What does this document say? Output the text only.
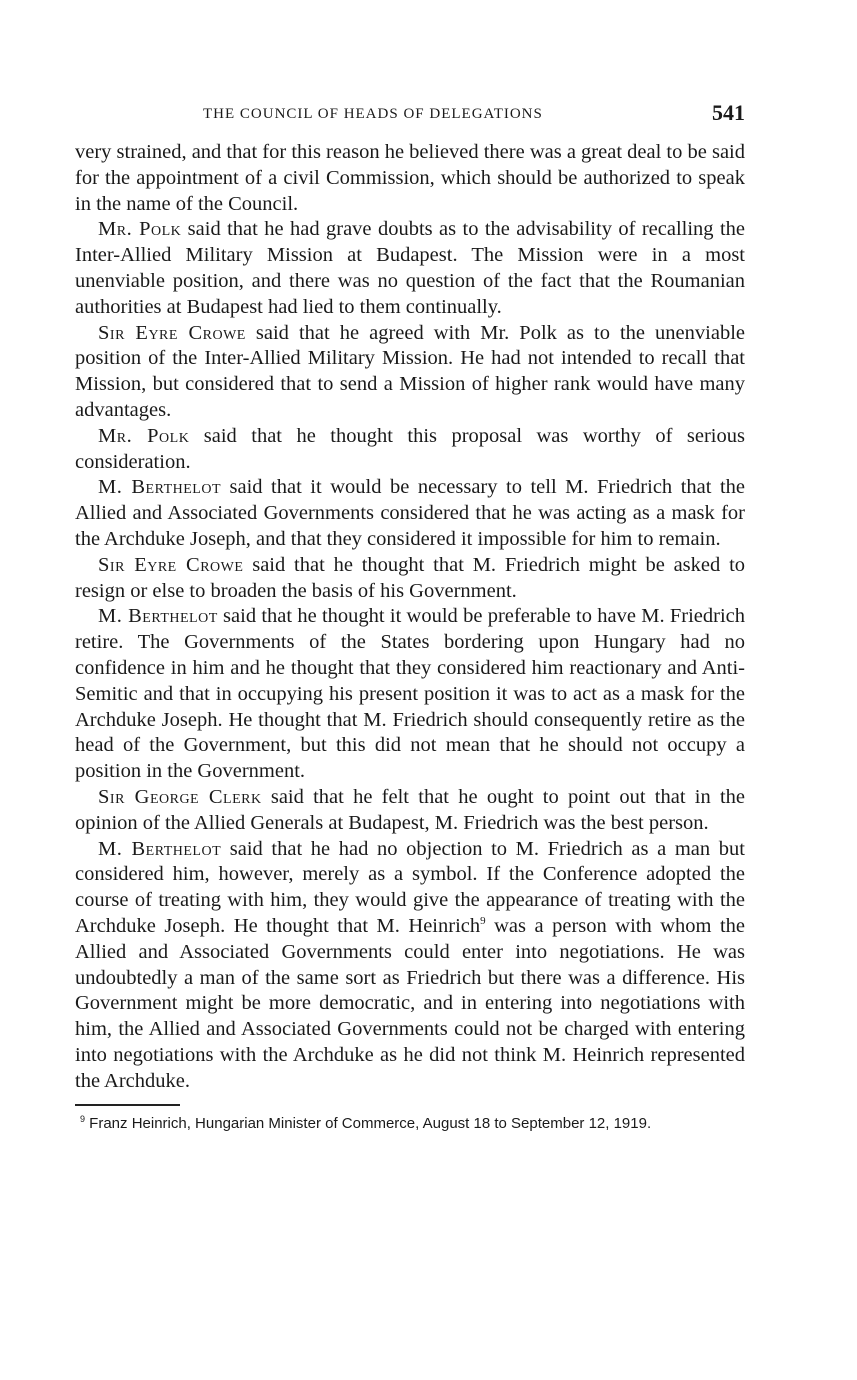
THE COUNCIL OF HEADS OF DELEGATIONS	541

very strained, and that for this reason he believed there was a great deal to be said for the appointment of a civil Commission, which should be authorized to speak in the name of the Council.

Mr. Polk said that he had grave doubts as to the advisability of recalling the Inter-Allied Military Mission at Budapest. The Mission were in a most unenviable position, and there was no question of the fact that the Roumanian authorities at Budapest had lied to them continually.

Sir Eyre Crowe said that he agreed with Mr. Polk as to the unenviable position of the Inter-Allied Military Mission. He had not intended to recall that Mission, but considered that to send a Mission of higher rank would have many advantages.

Mr. Polk said that he thought this proposal was worthy of serious consideration.

M. Berthelot said that it would be necessary to tell M. Friedrich that the Allied and Associated Governments considered that he was acting as a mask for the Archduke Joseph, and that they considered it impossible for him to remain.

Sir Eyre Crowe said that he thought that M. Friedrich might be asked to resign or else to broaden the basis of his Government.

M. Berthelot said that he thought it would be preferable to have M. Friedrich retire. The Governments of the States bordering upon Hungary had no confidence in him and he thought that they considered him reactionary and Anti-Semitic and that in occupying his present position it was to act as a mask for the Archduke Joseph. He thought that M. Friedrich should consequently retire as the head of the Government, but this did not mean that he should not occupy a position in the Government.

Sir George Clerk said that he felt that he ought to point out that in the opinion of the Allied Generals at Budapest, M. Friedrich was the best person.

M. Berthelot said that he had no objection to M. Friedrich as a man but considered him, however, merely as a symbol. If the Conference adopted the course of treating with him, they would give the appearance of treating with the Archduke Joseph. He thought that M. Heinrich$^9$ was a person with whom the Allied and Associated Governments could enter into negotiations. He was undoubtedly a man of the same sort as Friedrich but there was a difference. His Government might be more democratic, and in entering into negotiations with him, the Allied and Associated Governments could not be charged with entering into negotiations with the Archduke as he did not think M. Heinrich represented the Archduke.

$^9$ Franz Heinrich, Hungarian Minister of Commerce, August 18 to September 12, 1919.
